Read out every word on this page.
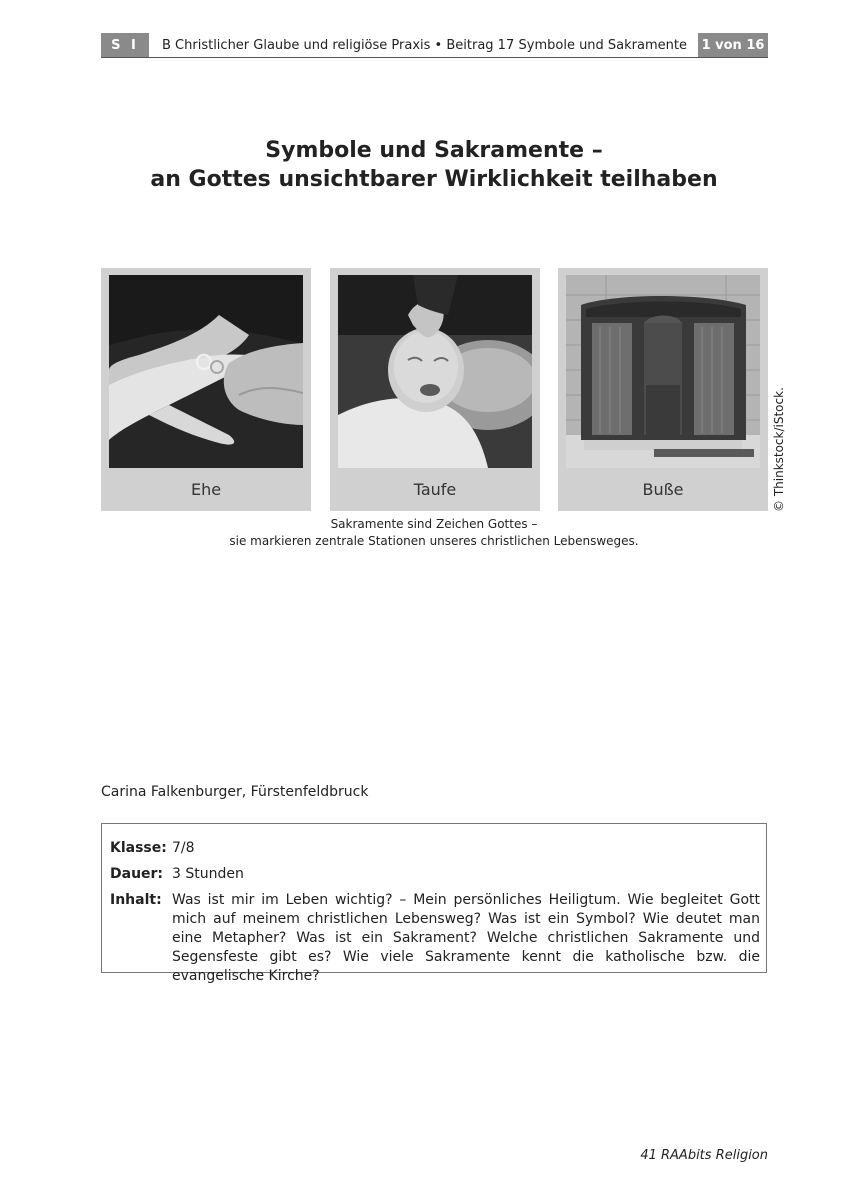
S I	B Christlicher Glaube und religiöse Praxis • Beitrag 17 Symbole und Sakramente	1 von 16
Symbole und Sakramente –
an Gottes unsichtbarer Wirklichkeit teilhaben
Ehe	Taufe	Buße	© Thinkstock/iStock.
Sakramente sind Zeichen Gottes –
sie markieren zentrale Stationen unseres christlichen Lebensweges.
Carina Falkenburger, Fürstenfeldbruck
Klasse: 7/8
Dauer: 3 Stunden
Inhalt: Was ist mir im Leben wichtig? – Mein persönliches Heiligtum. Wie begleitet Gott mich auf meinem christlichen Lebensweg? Was ist ein Symbol? Wie deutet man eine Metapher? Was ist ein Sakrament? Welche christlichen Sakramente und Segensfeste gibt es? Wie viele Sakramente kennt die katholische bzw. die evangelische Kirche?
41 RAAbits Religion
